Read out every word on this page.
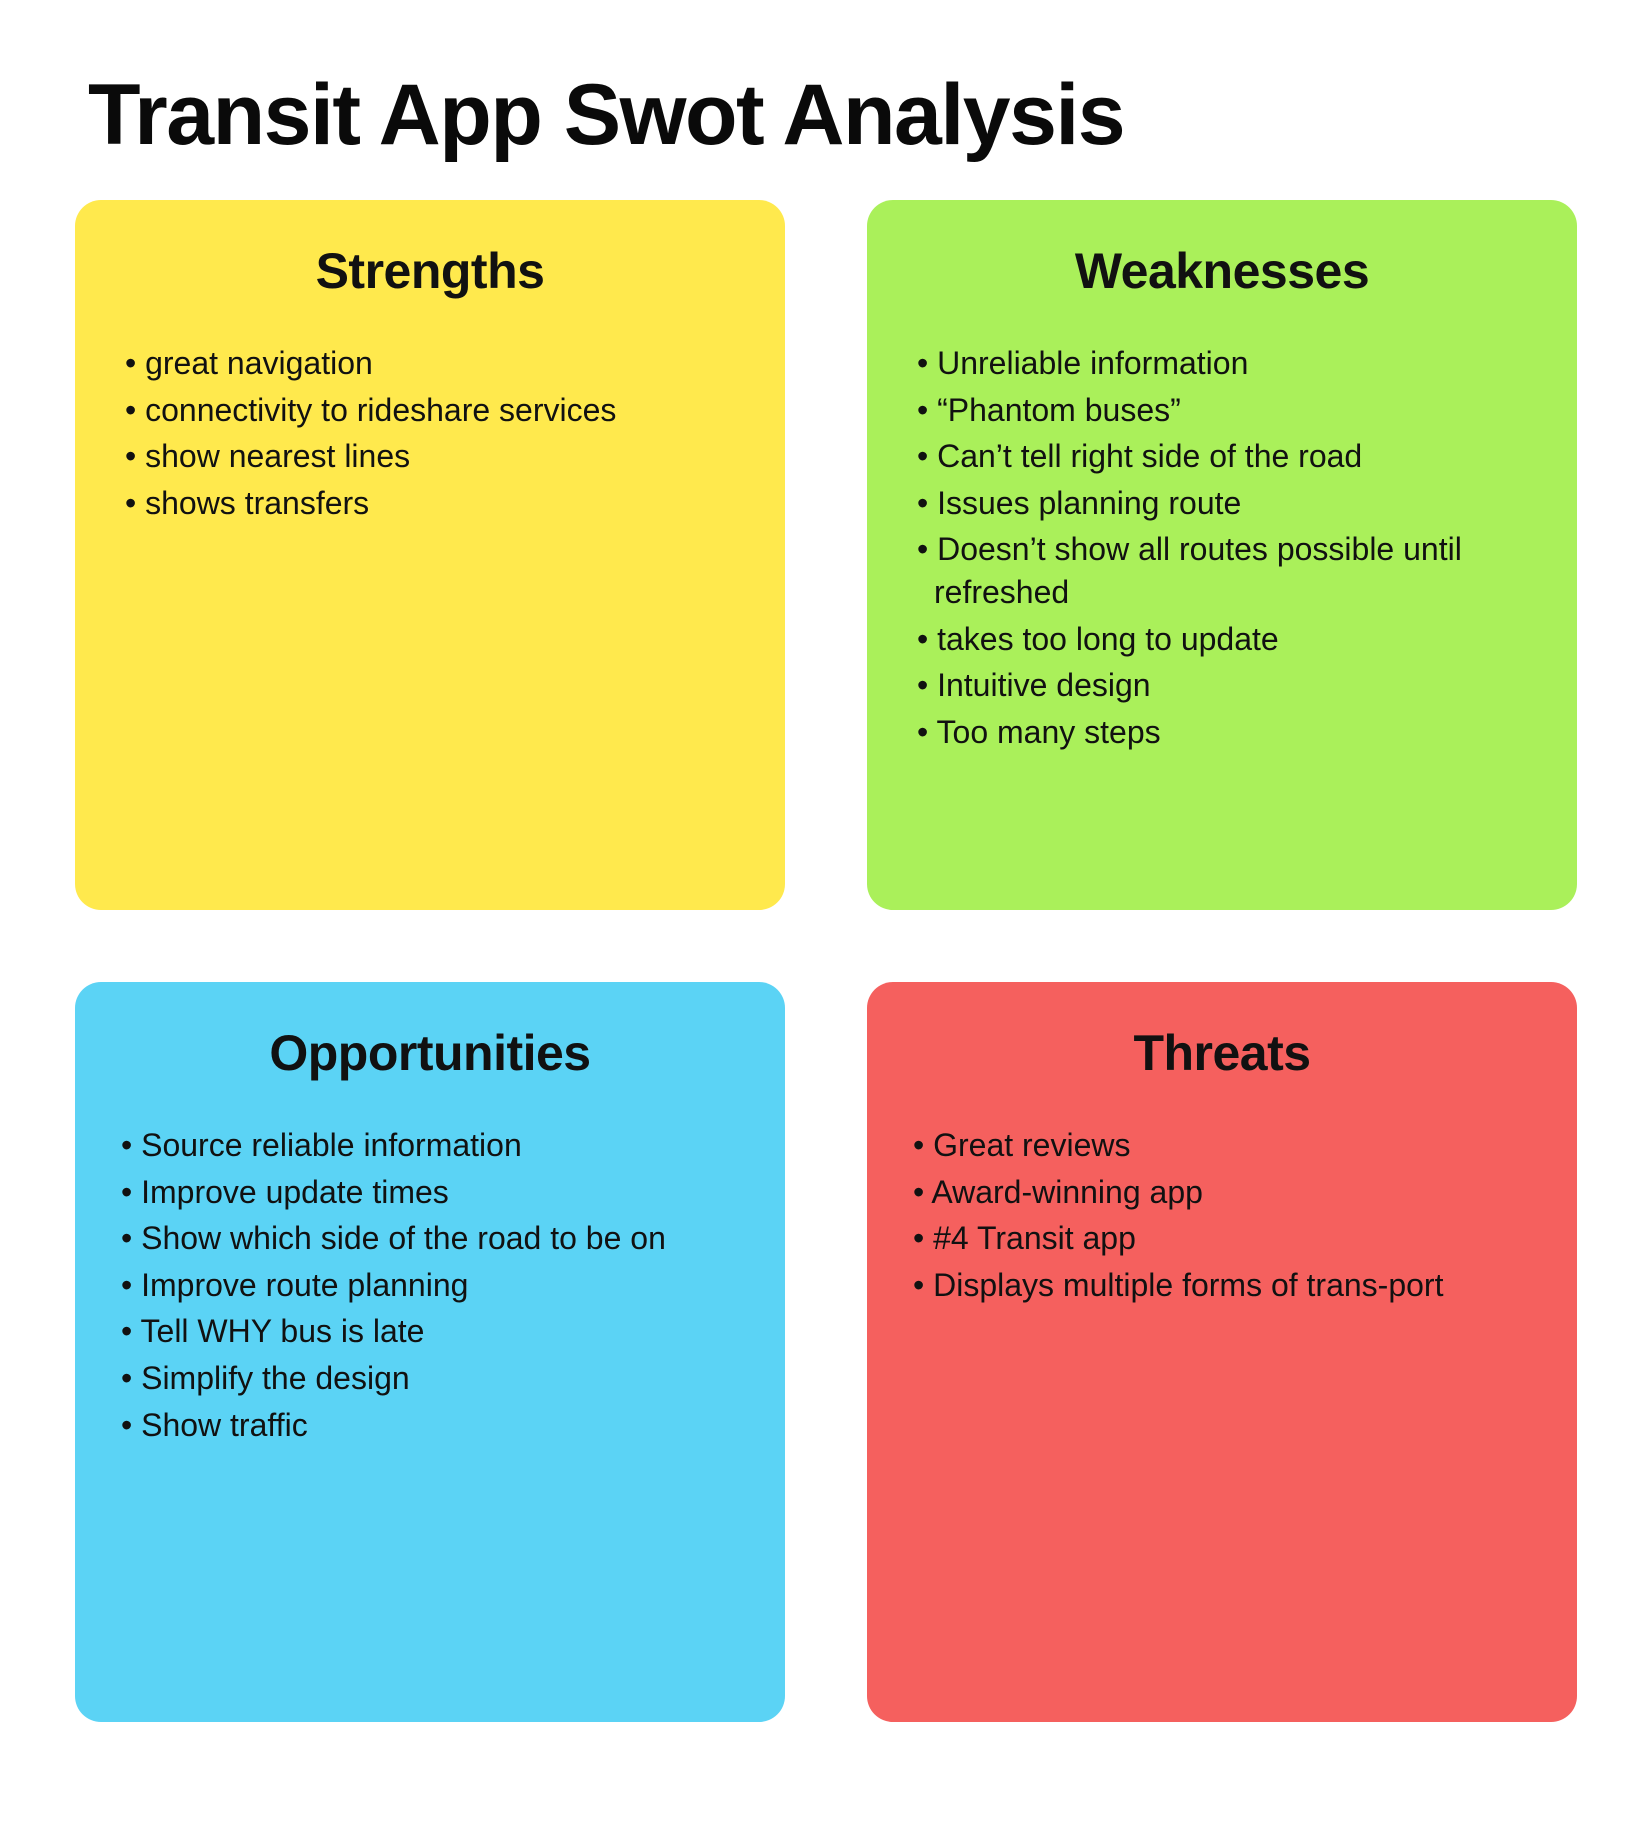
Transit App Swot Analysis
Strengths
• great navigation
• connectivity to rideshare services
• show nearest lines
• shows transfers
Weaknesses
• Unreliable information
• “Phantom buses”
• Can’t tell right side of the road
• Issues planning route
• Doesn’t show all routes possible until refreshed
• takes too long to update
• Intuitive design
• Too many steps
Opportunities
• Source reliable information
• Improve update times
• Show which side of the road to be on
• Improve route planning
• Tell WHY bus is late
• Simplify the design
• Show traffic
Threats
• Great reviews
• Award-winning app
• #4 Transit app
• Displays multiple forms of trans-port
